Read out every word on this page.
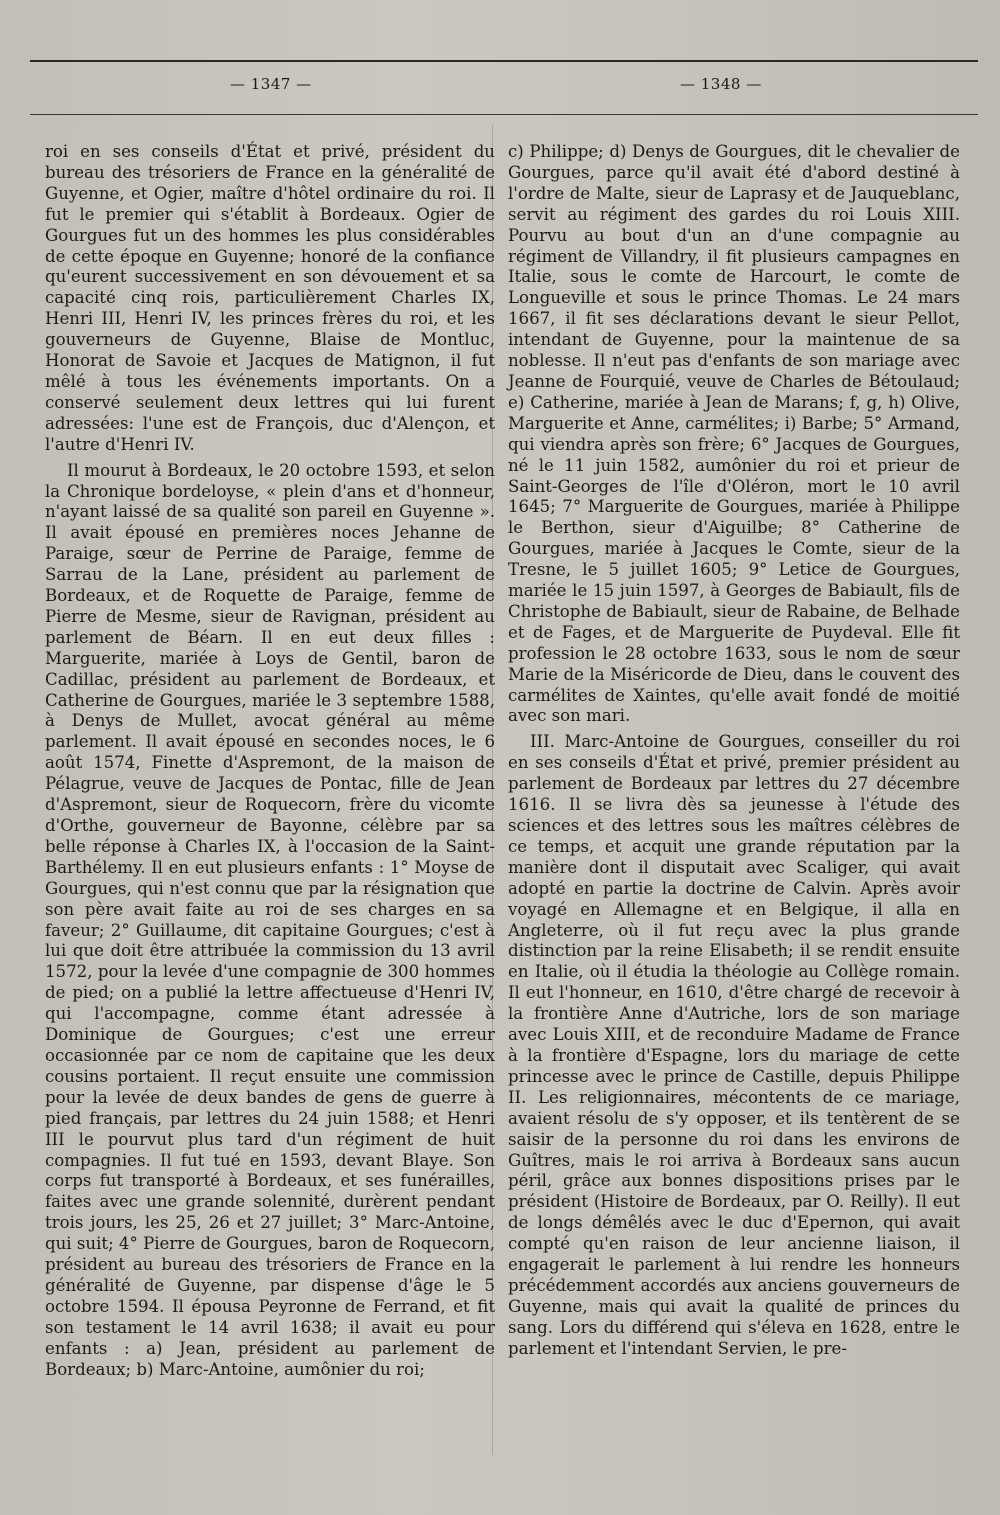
— 1347 —	— 1348 —

roi en ses conseils d'État et privé, président du bureau des trésoriers de France en la généralité de Guyenne, et Ogier, maître d'hôtel ordinaire du roi. Il fut le premier qui s'établit à Bordeaux. Ogier de Gourgues fut un des hommes les plus considérables de cette époque en Guyenne; honoré de la confiance qu'eurent successivement en son dévouement et sa capacité cinq rois, particulièrement Charles IX, Henri III, Henri IV, les princes frères du roi, et les gouverneurs de Guyenne, Blaise de Montluc, Honorat de Savoie et Jacques de Matignon, il fut mêlé à tous les événements importants. On a conservé seulement deux lettres qui lui furent adressées: l'une est de François, duc d'Alençon, et l'autre d'Henri IV.

Il mourut à Bordeaux, le 20 octobre 1593, et selon la Chronique bordeloyse, « plein d'ans et d'honneur, n'ayant laissé de sa qualité son pareil en Guyenne ». Il avait épousé en premières noces Jehanne de Paraige, sœur de Perrine de Paraige, femme de Sarrau de la Lane, président au parlement de Bordeaux, et de Roquette de Paraige, femme de Pierre de Mesme, sieur de Ravignan, président au parlement de Béarn. Il en eut deux filles : Marguerite, mariée à Loys de Gentil, baron de Cadillac, président au parlement de Bordeaux, et Catherine de Gourgues, mariée le 3 septembre 1588, à Denys de Mullet, avocat général au même parlement. Il avait épousé en secondes noces, le 6 août 1574, Finette d'Aspremont, de la maison de Pélagrue, veuve de Jacques de Pontac, fille de Jean d'Aspremont, sieur de Roquecorn, frère du vicomte d'Orthe, gouverneur de Bayonne, célèbre par sa belle réponse à Charles IX, à l'occasion de la Saint-Barthélemy. Il en eut plusieurs enfants : 1° Moyse de Gourgues, qui n'est connu que par la résignation que son père avait faite au roi de ses charges en sa faveur; 2° Guillaume, dit capitaine Gourgues; c'est à lui que doit être attribuée la commission du 13 avril 1572, pour la levée d'une compagnie de 300 hommes de pied; on a publié la lettre affectueuse d'Henri IV, qui l'accompagne, comme étant adressée à Dominique de Gourgues; c'est une erreur occasionnée par ce nom de capitaine que les deux cousins portaient. Il reçut ensuite une commission pour la levée de deux bandes de gens de guerre à pied français, par lettres du 24 juin 1588; et Henri III le pourvut plus tard d'un régiment de huit compagnies. Il fut tué en 1593, devant Blaye. Son corps fut transporté à Bordeaux, et ses funérailles, faites avec une grande solennité, durèrent pendant trois jours, les 25, 26 et 27 juillet; 3° Marc-Antoine, qui suit; 4° Pierre de Gourgues, baron de Roquecorn, président au bureau des trésoriers de France en la généralité de Guyenne, par dispense d'âge le 5 octobre 1594. Il épousa Peyronne de Ferrand, et fit son testament le 14 avril 1638; il avait eu pour enfants : a) Jean, président au parlement de Bordeaux; b) Marc-Antoine, aumônier du roi;

c) Philippe; d) Denys de Gourgues, dit le chevalier de Gourgues, parce qu'il avait été d'abord destiné à l'ordre de Malte, sieur de Laprasy et de Jauqueblanc, servit au régiment des gardes du roi Louis XIII. Pourvu au bout d'un an d'une compagnie au régiment de Villandry, il fit plusieurs campagnes en Italie, sous le comte de Harcourt, le comte de Longueville et sous le prince Thomas. Le 24 mars 1667, il fit ses déclarations devant le sieur Pellot, intendant de Guyenne, pour la maintenue de sa noblesse. Il n'eut pas d'enfants de son mariage avec Jeanne de Fourquié, veuve de Charles de Bétoulaud; e) Catherine, mariée à Jean de Marans; f, g, h) Olive, Marguerite et Anne, carmélites; i) Barbe; 5° Armand, qui viendra après son frère; 6° Jacques de Gourgues, né le 11 juin 1582, aumônier du roi et prieur de Saint-Georges de l'île d'Oléron, mort le 10 avril 1645; 7° Marguerite de Gourgues, mariée à Philippe le Berthon, sieur d'Aiguilbe; 8° Catherine de Gourgues, mariée à Jacques le Comte, sieur de la Tresne, le 5 juillet 1605; 9° Letice de Gourgues, mariée le 15 juin 1597, à Georges de Babiault, fils de Christophe de Babiault, sieur de Rabaine, de Belhade et de Fages, et de Marguerite de Puydeval. Elle fit profession le 28 octobre 1633, sous le nom de sœur Marie de la Miséricorde de Dieu, dans le couvent des carmélites de Xaintes, qu'elle avait fondé de moitié avec son mari.

III. Marc-Antoine de Gourgues, conseiller du roi en ses conseils d'État et privé, premier président au parlement de Bordeaux par lettres du 27 décembre 1616. Il se livra dès sa jeunesse à l'étude des sciences et des lettres sous les maîtres célèbres de ce temps, et acquit une grande réputation par la manière dont il disputait avec Scaliger, qui avait adopté en partie la doctrine de Calvin. Après avoir voyagé en Allemagne et en Belgique, il alla en Angleterre, où il fut reçu avec la plus grande distinction par la reine Elisabeth; il se rendit ensuite en Italie, où il étudia la théologie au Collège romain. Il eut l'honneur, en 1610, d'être chargé de recevoir à la frontière Anne d'Autriche, lors de son mariage avec Louis XIII, et de reconduire Madame de France à la frontière d'Espagne, lors du mariage de cette princesse avec le prince de Castille, depuis Philippe II. Les religionnaires, mécontents de ce mariage, avaient résolu de s'y opposer, et ils tentèrent de se saisir de la personne du roi dans les environs de Guîtres, mais le roi arriva à Bordeaux sans aucun péril, grâce aux bonnes dispositions prises par le président (Histoire de Bordeaux, par O. Reilly). Il eut de longs démêlés avec le duc d'Epernon, qui avait compté qu'en raison de leur ancienne liaison, il engagerait le parlement à lui rendre les honneurs précédemment accordés aux anciens gouverneurs de Guyenne, mais qui avait la qualité de princes du sang. Lors du différend qui s'éleva en 1628, entre le parlement et l'intendant Servien, le pre-
